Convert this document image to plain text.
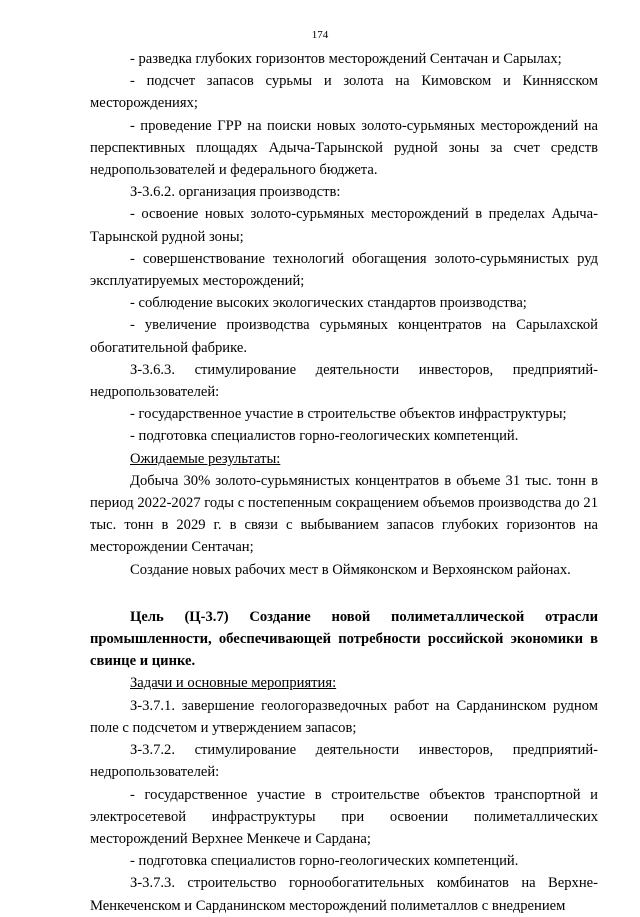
174

- разведка глубоких горизонтов месторождений Сентачан и Сарылах;

- подсчет запасов сурьмы и золота на Кимовском и Киннясском месторождениях;

- проведение ГРР на поиски новых золото-сурьмяных месторождений на перспективных площадях Адыча-Тарынской рудной зоны за счет средств недропользователей и федерального бюджета.

З-3.6.2. организация производств:

- освоение новых золото-сурьмяных месторождений в пределах Адыча-Тарынской рудной зоны;

- совершенствование технологий обогащения золото-сурьмянистых руд эксплуатируемых месторождений;

- соблюдение высоких экологических стандартов производства;

- увеличение производства сурьмяных концентратов на Сарылахской обогатительной фабрике.

З-3.6.3. стимулирование деятельности инвесторов, предприятий-недропользователей:

- государственное участие в строительстве объектов инфраструктуры;

- подготовка специалистов горно-геологических компетенций.

Ожидаемые результаты:

Добыча 30% золото-сурьмянистых концентратов в объеме 31 тыс. тонн в период 2022-2027 годы с постепенным сокращением объемов производства до 21 тыс. тонн в 2029 г. в связи с выбыванием запасов глубоких горизонтов на месторождении Сентачан;

Создание новых рабочих мест в Оймяконском и Верхоянском районах.

Цель (Ц-3.7) Создание новой полиметаллической отрасли промышленности, обеспечивающей потребности российской экономики в свинце и цинке.

Задачи и основные мероприятия:

З-3.7.1. завершение геологоразведочных работ на Сарданинском рудном поле с подсчетом и утверждением запасов;

З-3.7.2. стимулирование деятельности инвесторов, предприятий-недропользователей:

- государственное участие в строительстве объектов транспортной и электросетевой инфраструктуры при освоении полиметаллических месторождений Верхнее Менкече и Сардана;

- подготовка специалистов горно-геологических компетенций.

З-3.7.3. строительство горнообогатительных комбинатов на Верхне-Менкеченском и Сарданинском месторождений полиметаллов с внедрением
